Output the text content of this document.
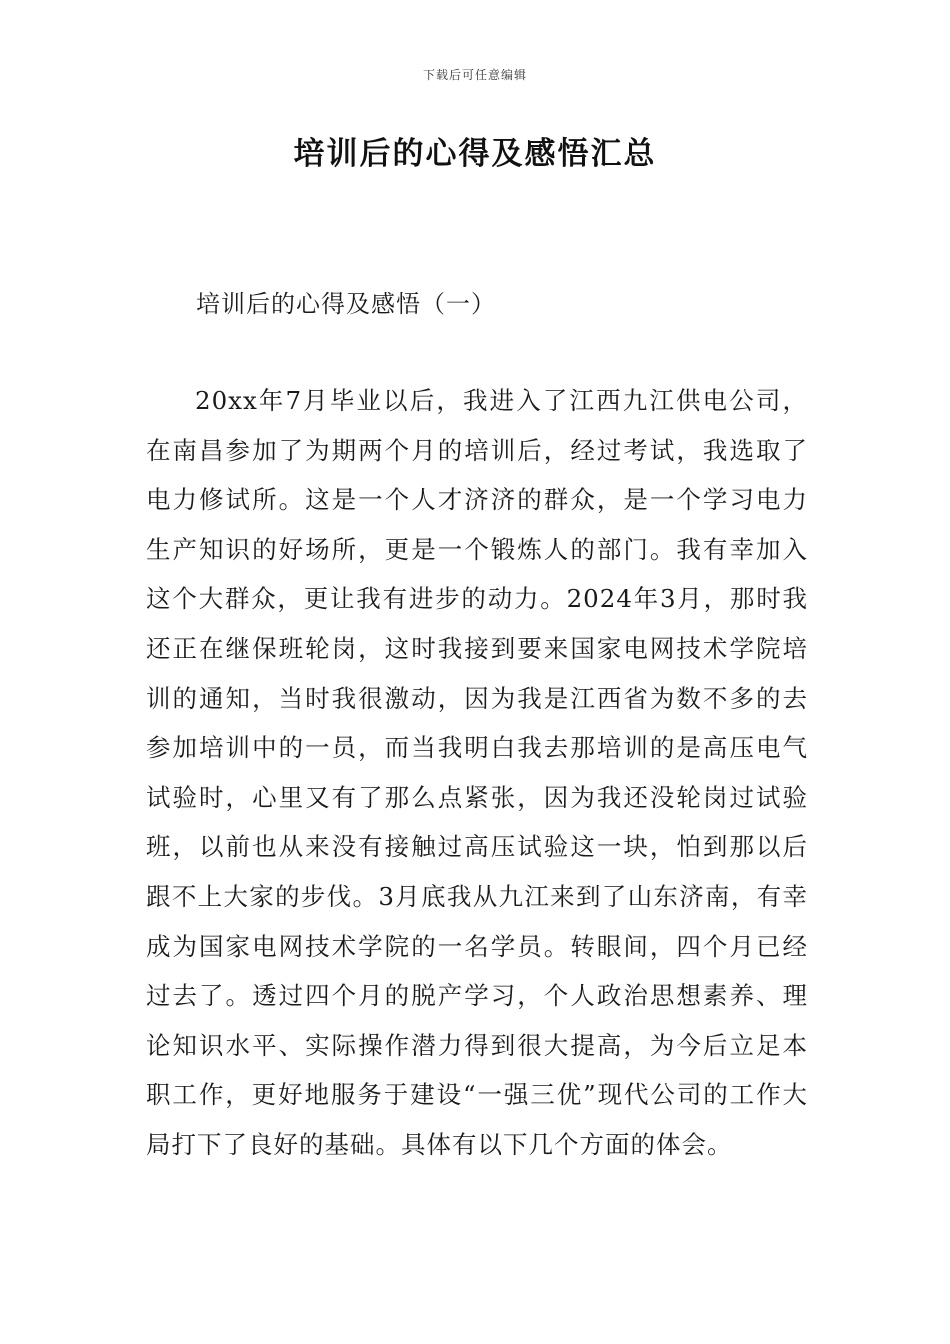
下载后可任意编辑
培训后的心得及感悟汇总
培训后的心得及感悟（一）

20xx年7月毕业以后，我进入了江西九江供电公司，在南昌参加了为期两个月的培训后，经过考试，我选取了电力修试所。这是一个人才济济的群众，是一个学习电力生产知识的好场所，更是一个锻炼人的部门。我有幸加入这个大群众，更让我有进步的动力。2024年3月，那时我还正在继保班轮岗，这时我接到要来国家电网技术学院培训的通知，当时我很激动，因为我是江西省为数不多的去参加培训中的一员，而当我明白我去那培训的是高压电气试验时，心里又有了那么点紧张，因为我还没轮岗过试验班，以前也从来没有接触过高压试验这一块，怕到那以后跟不上大家的步伐。3月底我从九江来到了山东济南，有幸成为国家电网技术学院的一名学员。转眼间，四个月已经过去了。透过四个月的脱产学习，个人政治思想素养、理论知识水平、实际操作潜力得到很大提高，为今后立足本职工作，更好地服务于建设“一强三优”现代公司的工作大局打下了良好的基础。具体有以下几个方面的体会。
